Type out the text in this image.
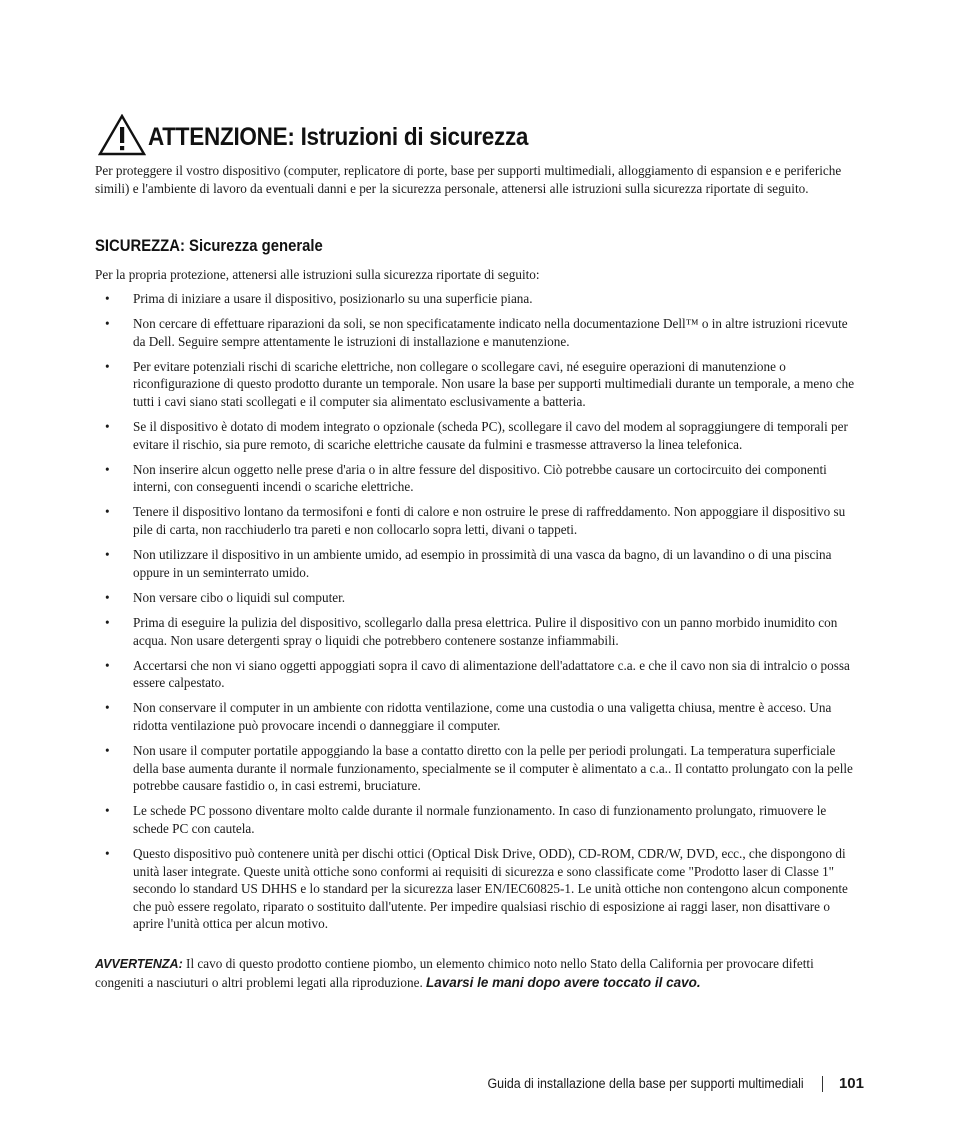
ATTENZIONE: Istruzioni di sicurezza

Per proteggere il vostro dispositivo (computer, replicatore di porte, base per supporti multimediali, alloggiamento di espansion e e periferiche simili) e l'ambiente di lavoro da eventuali danni e per la sicurezza personale, attenersi alle istruzioni sulla sicurezza riportate di seguito.

SICUREZZA: Sicurezza generale

Per la propria protezione, attenersi alle istruzioni sulla sicurezza riportate di seguito:

• Prima di iniziare a usare il dispositivo, posizionarlo su una superficie piana.
• Non cercare di effettuare riparazioni da soli, se non specificatamente indicato nella documentazione Dell™ o in altre istruzioni ricevute da Dell. Seguire sempre attentamente le istruzioni di installazione e manutenzione.
• Per evitare potenziali rischi di scariche elettriche, non collegare o scollegare cavi, né eseguire operazioni di manutenzione o riconfigurazione di questo prodotto durante un temporale. Non usare la base per supporti multimediali durante un temporale, a meno che tutti i cavi siano stati scollegati e il computer sia alimentato esclusivamente a batteria.
• Se il dispositivo è dotato di modem integrato o opzionale (scheda PC), scollegare il cavo del modem al sopraggiungere di temporali per evitare il rischio, sia pure remoto, di scariche elettriche causate da fulmini e trasmesse attraverso la linea telefonica.
• Non inserire alcun oggetto nelle prese d'aria o in altre fessure del dispositivo. Ciò potrebbe causare un cortocircuito dei componenti interni, con conseguenti incendi o scariche elettriche.
• Tenere il dispositivo lontano da termosifoni e fonti di calore e non ostruire le prese di raffreddamento. Non appoggiare il dispositivo su pile di carta, non racchiuderlo tra pareti e non collocarlo sopra letti, divani o tappeti.
• Non utilizzare il dispositivo in un ambiente umido, ad esempio in prossimità di una vasca da bagno, di un lavandino o di una piscina oppure in un seminterrato umido.
• Non versare cibo o liquidi sul computer.
• Prima di eseguire la pulizia del dispositivo, scollegarlo dalla presa elettrica. Pulire il dispositivo con un panno morbido inumidito con acqua. Non usare detergenti spray o liquidi che potrebbero contenere sostanze infiammabili.
• Accertarsi che non vi siano oggetti appoggiati sopra il cavo di alimentazione dell'adattatore c.a. e che il cavo non sia di intralcio o possa essere calpestato.
• Non conservare il computer in un ambiente con ridotta ventilazione, come una custodia o una valigetta chiusa, mentre è acceso. Una ridotta ventilazione può provocare incendi o danneggiare il computer.
• Non usare il computer portatile appoggiando la base a contatto diretto con la pelle per periodi prolungati. La temperatura superficiale della base aumenta durante il normale funzionamento, specialmente se il computer è alimentato a c.a.. Il contatto prolungato con la pelle potrebbe causare fastidio o, in casi estremi, bruciature.
• Le schede PC possono diventare molto calde durante il normale funzionamento. In caso di funzionamento prolungato, rimuovere le schede PC con cautela.
• Questo dispositivo può contenere unità per dischi ottici (Optical Disk Drive, ODD), CD-ROM, CDR/W, DVD, ecc., che dispongono di unità laser integrate. Queste unità ottiche sono conformi ai requisiti di sicurezza e sono classificate come "Prodotto laser di Classe 1" secondo lo standard US DHHS e lo standard per la sicurezza laser EN/IEC60825-1. Le unità ottiche non contengono alcun componente che può essere regolato, riparato o sostituito dall'utente. Per impedire qualsiasi rischio di esposizione ai raggi laser, non disattivare o aprire l'unità ottica per alcun motivo.

AVVERTENZA: Il cavo di questo prodotto contiene piombo, un elemento chimico noto nello Stato della California per provocare difetti congeniti a nasciuturi o altri problemi legati alla riproduzione. Lavarsi le mani dopo avere toccato il cavo.

Guida di installazione della base per supporti multimediali 101
